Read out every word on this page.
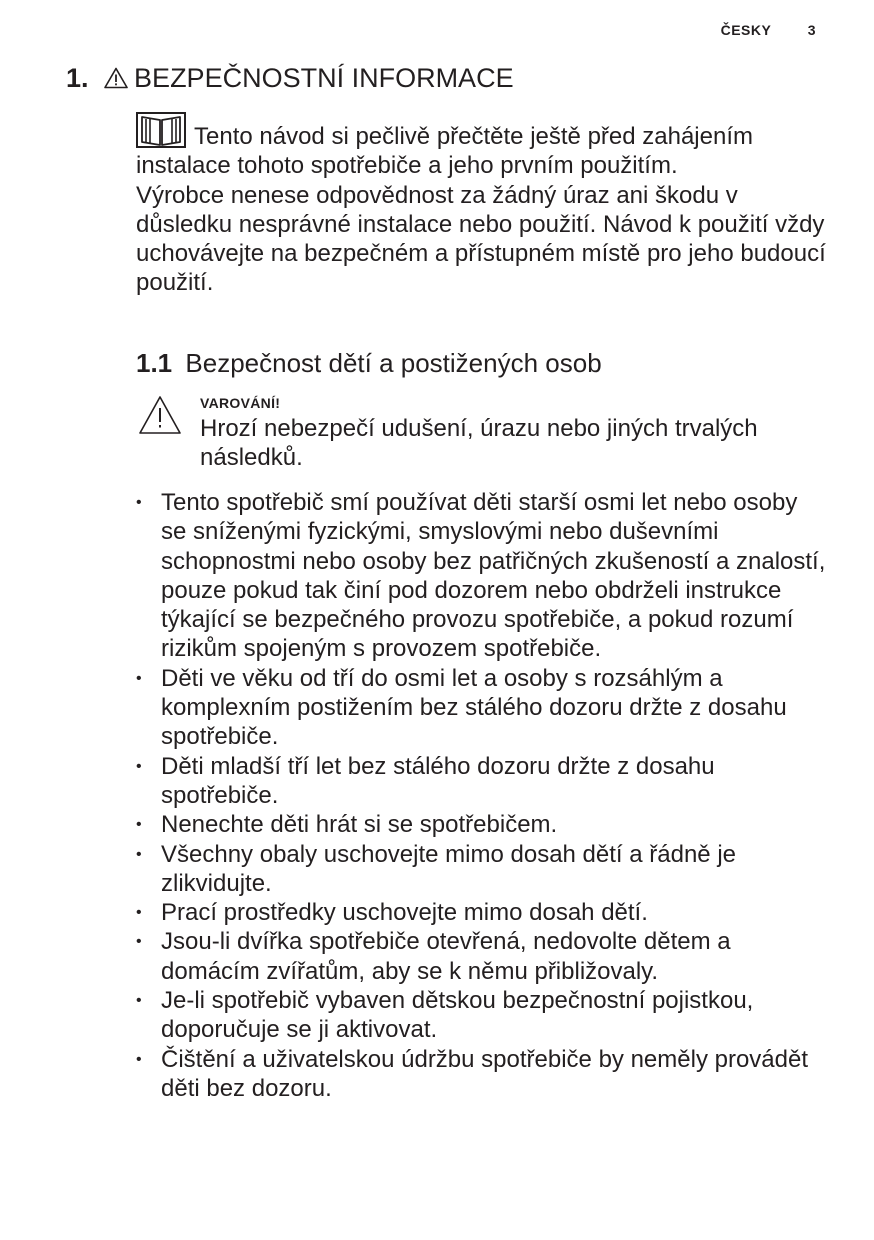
ČESKY	3
1. BEZPEČNOSTNÍ INFORMACE

Tento návod si pečlivě přečtěte ještě před zahájením instalace tohoto spotřebiče a jeho prvním použitím.

Výrobce nenese odpovědnost za žádný úraz ani škodu v důsledku nesprávné instalace nebo použití. Návod k použití vždy uchovávejte na bezpečném a přístupném místě pro jeho budoucí použití.

1.1 Bezpečnost dětí a postižených osob
VAROVÁNÍ!
Hrozí nebezpečí udušení, úrazu nebo jiných trvalých následků.
• Tento spotřebič smí používat děti starší osmi let nebo osoby se sníženými fyzickými, smyslovými nebo duševními schopnostmi nebo osoby bez patřičných zkušeností a znalostí, pouze pokud tak činí pod dozorem nebo obdrželi instrukce týkající se bezpečného provozu spotřebiče, a pokud rozumí rizikům spojeným s provozem spotřebiče.
• Děti ve věku od tří do osmi let a osoby s rozsáhlým a komplexním postižením bez stálého dozoru držte z dosahu spotřebiče.
• Děti mladší tří let bez stálého dozoru držte z dosahu spotřebiče.
• Nenechte děti hrát si se spotřebičem.
• Všechny obaly uschovejte mimo dosah dětí a řádně je zlikvidujte.
• Prací prostředky uschovejte mimo dosah dětí.
• Jsou-li dvířka spotřebiče otevřená, nedovolte dětem a domácím zvířatům, aby se k němu přibližovaly.
• Je-li spotřebič vybaven dětskou bezpečnostní pojistkou, doporučuje se ji aktivovat.
• Čištění a uživatelskou údržbu spotřebiče by neměly provádět děti bez dozoru.
